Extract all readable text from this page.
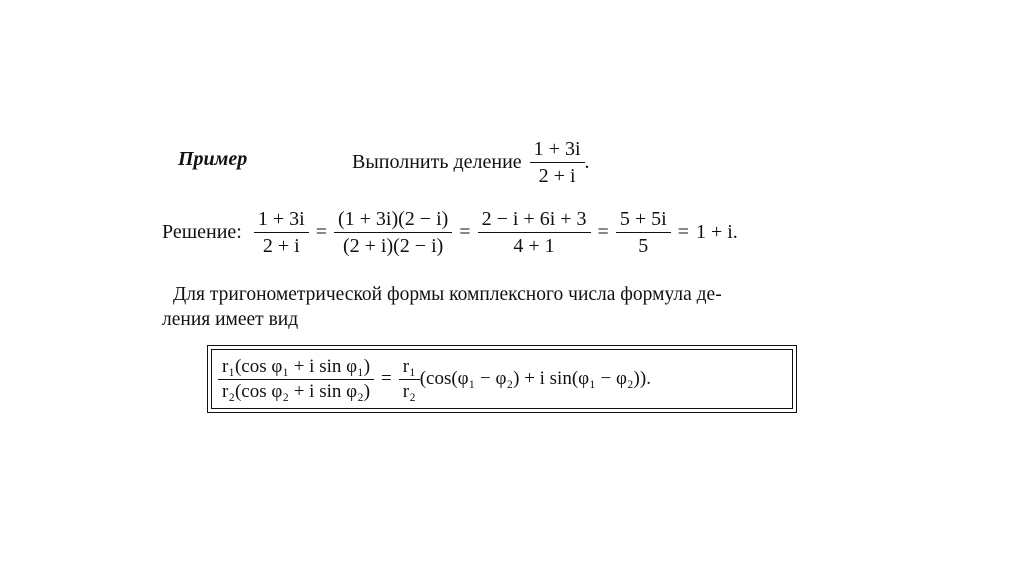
Пример	Выполнить деление $\frac{1 + 3i}{2 + i}$ .
Решение: $\frac{1 + 3i}{2 + i} = \frac{(1 + 3i)(2 - i)}{(2 + i)(2 - i)} = \frac{2 - i + 6i + 3}{4 + 1} = \frac{5 + 5i}{5} = 1 + i$.
Для тригонометрической формы комплексного числа формула де-
ления имеет вид
$\frac{\text{r₁(cos φ₁ + i sin φ₁)}}{\text{r₂(cos φ₂ + i sin φ₂)}} = \frac{\text{r₁}}{\text{r₂}} (\cos(\varphi_1 - \varphi_2) + i$ sin(φ₁ − φ₂)).
